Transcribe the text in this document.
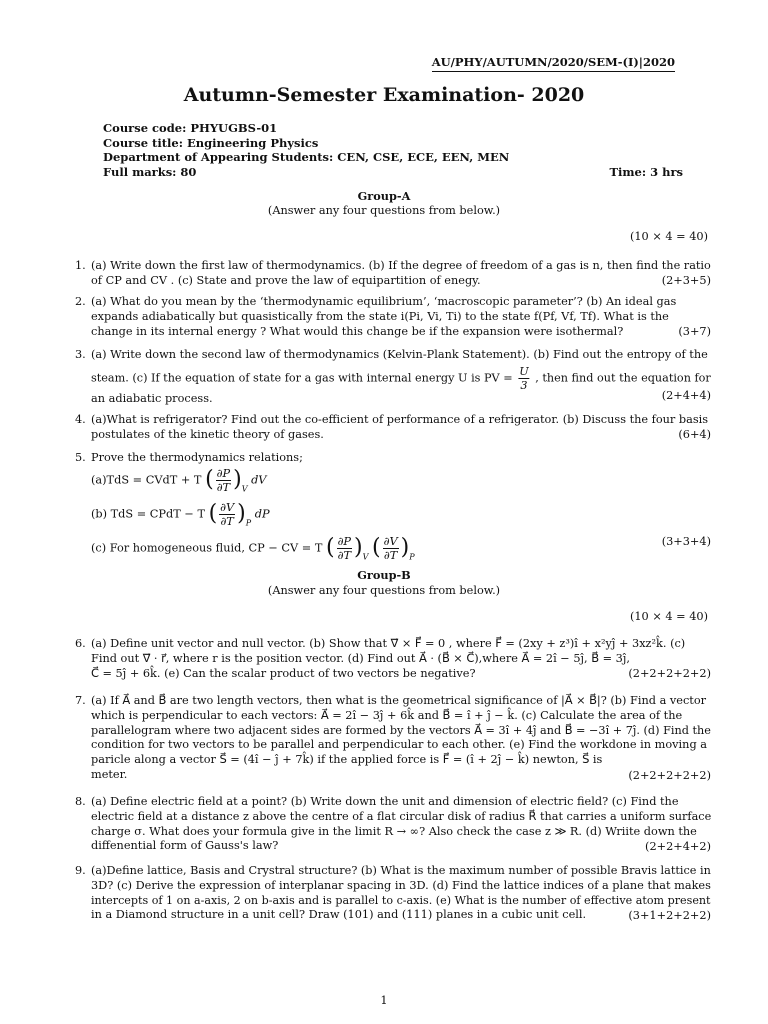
AU/PHY/AUTUMN/2020/SEM-(I)|2020
Autumn-Semester Examination- 2020
Course code: PHYUGBS-01
Course title: Engineering Physics
Department of Appearing Students: CEN, CSE, ECE, EEN, MEN
Full marks: 80	Time: 3 hrs
Group-A
(Answer any four questions from below.)
(10 × 4 = 40)
1. (a) Write down the first law of thermodynamics. (b) If the degree of freedom of a gas is n, then find the ratio
of CP and CV . (c) State and prove the law of equipartition of enegy.	(2+3+5)
2. (a) What do you mean by the ‘thermodynamic equilibrium’, ‘macroscopic parameter’? (b) An ideal gas
expands adiabatically but quasistically from the state i(Pi, Vi, Ti) to the state f(Pf, Vf, Tf). What is the
change in its internal energy ? What would this change be if the expansion were isothermal?	(3+7)
3. (a) Write down the second law of thermodynamics (Kelvin-Plank Statement). (b) Find out the entropy of the
steam. (c) If the equation of state for a gas with internal energy U is PV = $\frac{U}{3}$ , then find out the equation for
an adiabatic process.	(2+4+4)
4. (a)What is refrigerator? Find out the co-efficient of performance of a refrigerator. (b) Discuss the four basis
postulates of the kinetic theory of gases.	(6+4)
5. Prove the thermodynamics relations;
(a)TdS = CVdT + T ( $\frac{\partial P}{\partial T} )_V$ dV
(b) TdS = CPdT − T ( $\frac{\partial V}{\partial T} )_P$ dP
(c) For homogeneous fluid, CP − CV = T ( $\frac{\partial P}{\partial T} )_V$ ( $\frac{\partial V}{\partial T} )_P$
(3+3+4)
Group-B
(Answer any four questions from below.)
(10 × 4 = 40)
6. (a) Define unit vector and null vector. (b) Show that ∇⃗ × F⃗ = 0 , where F⃗ = (2xy + z³)î + x²yĵ + 3xz²k̂. (c)
Find out ∇⃗ · r⃗, where r is the position vector. (d) Find out A⃗ · (B⃗ × C⃗),where A⃗ = 2î − 5ĵ, B⃗ = 3ĵ,
C⃗ = 5ĵ + 6k̂. (e) Can the scalar product of two vectors be negative?	(2+2+2+2+2)
7. (a) If A⃗ and B⃗ are two length vectors, then what is the geometrical significance of |A⃗ × B⃗|? (b) Find a vector
which is perpendicular to each vectors: A⃗ = 2î − 3ĵ + 6k̂ and B⃗ = î + ĵ − k̂. (c) Calculate the area of the
parallelogram where two adjacent sides are formed by the vectors A⃗ = 3î + 4ĵ and B⃗ = −3î + 7ĵ. (d) Find the
condition for two vectors to be parallel and perpendicular to each other. (e) Find the workdone in moving a
paricle along a vector S⃗ = (4î − ĵ + 7k̂) if the applied force is F⃗ = (î + 2ĵ − k̂) newton, S⃗ is
meter.	(2+2+2+2+2)
8. (a) Define electric field at a point? (b) Write down the unit and dimension of electric field? (c) Find the
electric field at a distance z above the centre of a flat circular disk of radius R⃗ that carries a uniform surface
charge σ. What does your formula give in the limit R → ∞? Also check the case z ≫ R. (d) Wriite down the
diffenential form of Gauss's law?	(2+2+4+2)
9. (a)Define lattice, Basis and Crystral structure? (b) What is the maximum number of possible Bravis lattice in
3D? (c) Derive the expression of interplanar spacing in 3D. (d) Find the lattice indices of a plane that makes
intercepts of 1 on a-axis, 2 on b-axis and is parallel to c-axis. (e) What is the number of effective atom present
in a Diamond structure in a unit cell? Draw (101) and (111) planes in a cubic unit cell.	(3+1+2+2+2)
1
